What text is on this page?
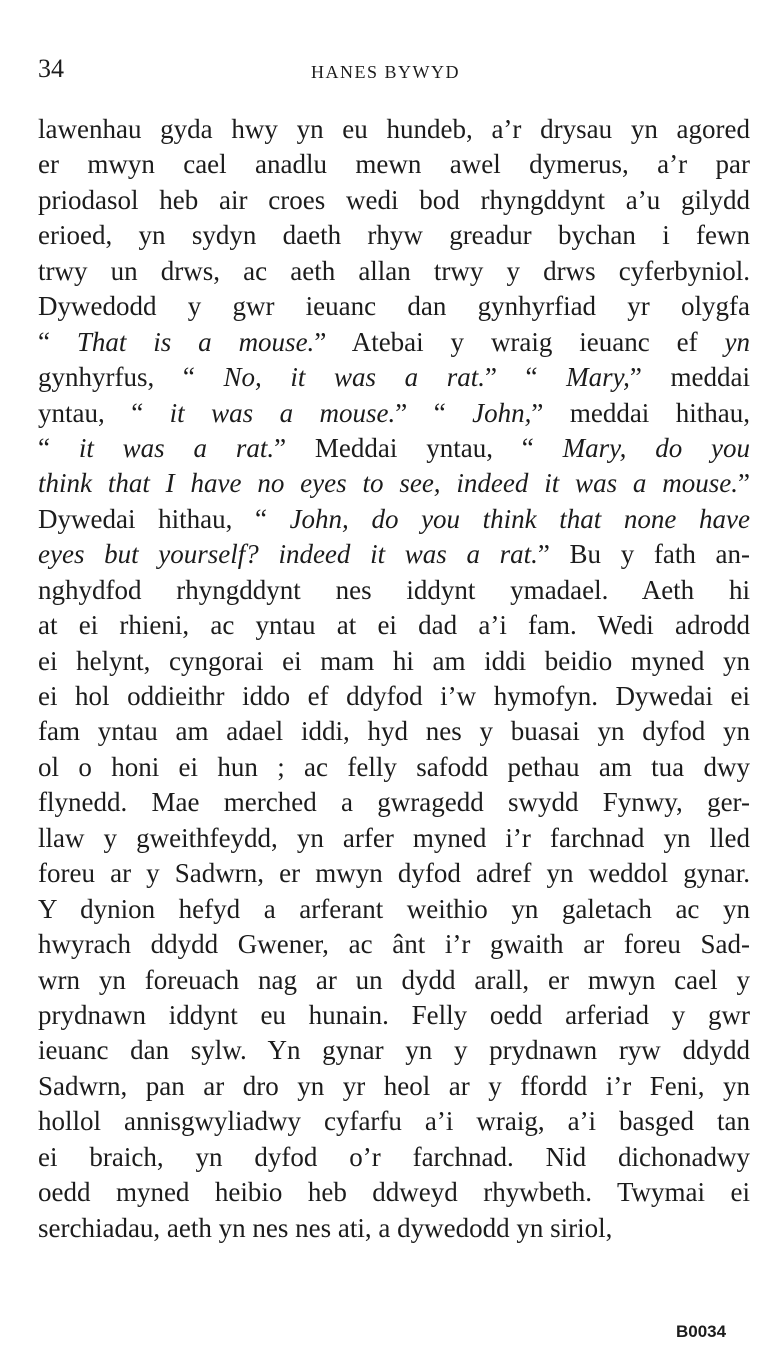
34	HANES BYWYD
lawenhau gyda hwy yn eu hundeb, a’r drysau yn agored
er mwyn cael anadlu mewn awel dymerus, a’r par
priodasol heb air croes wedi bod rhyngddynt a’u gilydd
erioed, yn sydyn daeth rhyw greadur bychan i fewn
trwy un drws, ac aeth allan trwy y drws cyferbyniol.
Dywedodd y gwr ieuanc dan gynhyrfiad yr olygfa
“ That is a mouse.” Atebai y wraig ieuanc ef yn
gynhyrfus, “ No, it was a rat.” “ Mary,” meddai
yntau, “ it was a mouse.” “ John,” meddai hithau,
“ it was a rat.” Meddai yntau, “ Mary, do you
think that I have no eyes to see, indeed it was a mouse.”
Dywedai hithau, “ John, do you think that none have
eyes but yourself? indeed it was a rat.” Bu y fath an-
nghydfod rhyngddynt nes iddynt ymadael. Aeth hi
at ei rhieni, ac yntau at ei dad a’i fam. Wedi adrodd
ei helynt, cyngorai ei mam hi am iddi beidio myned yn
ei hol oddieithr iddo ef ddyfod i’w hymofyn. Dywedai ei
fam yntau am adael iddi, hyd nes y buasai yn dyfod yn
ol o honi ei hun ; ac felly safodd pethau am tua dwy
flynedd. Mae merched a gwragedd swydd Fynwy, ger-
llaw y gweithfeydd, yn arfer myned i’r farchnad yn lled
foreu ar y Sadwrn, er mwyn dyfod adref yn weddol gynar.
Y dynion hefyd a arferant weithio yn galetach ac yn
hwyrach ddydd Gwener, ac ânt i’r gwaith ar foreu Sad-
wrn yn foreuach nag ar un dydd arall, er mwyn cael y
prydnawn iddynt eu hunain. Felly oedd arferiad y gwr
ieuanc dan sylw. Yn gynar yn y prydnawn ryw ddydd
Sadwrn, pan ar dro yn yr heol ar y ffordd i’r Feni, yn
hollol annisgwyliadwy cyfarfu a’i wraig, a’i basged tan
ei braich, yn dyfod o’r farchnad. Nid dichonadwy
oedd myned heibio heb ddweyd rhywbeth. Twymai ei
serchiadau, aeth yn nes nes ati, a dywedodd yn siriol,
B0034
